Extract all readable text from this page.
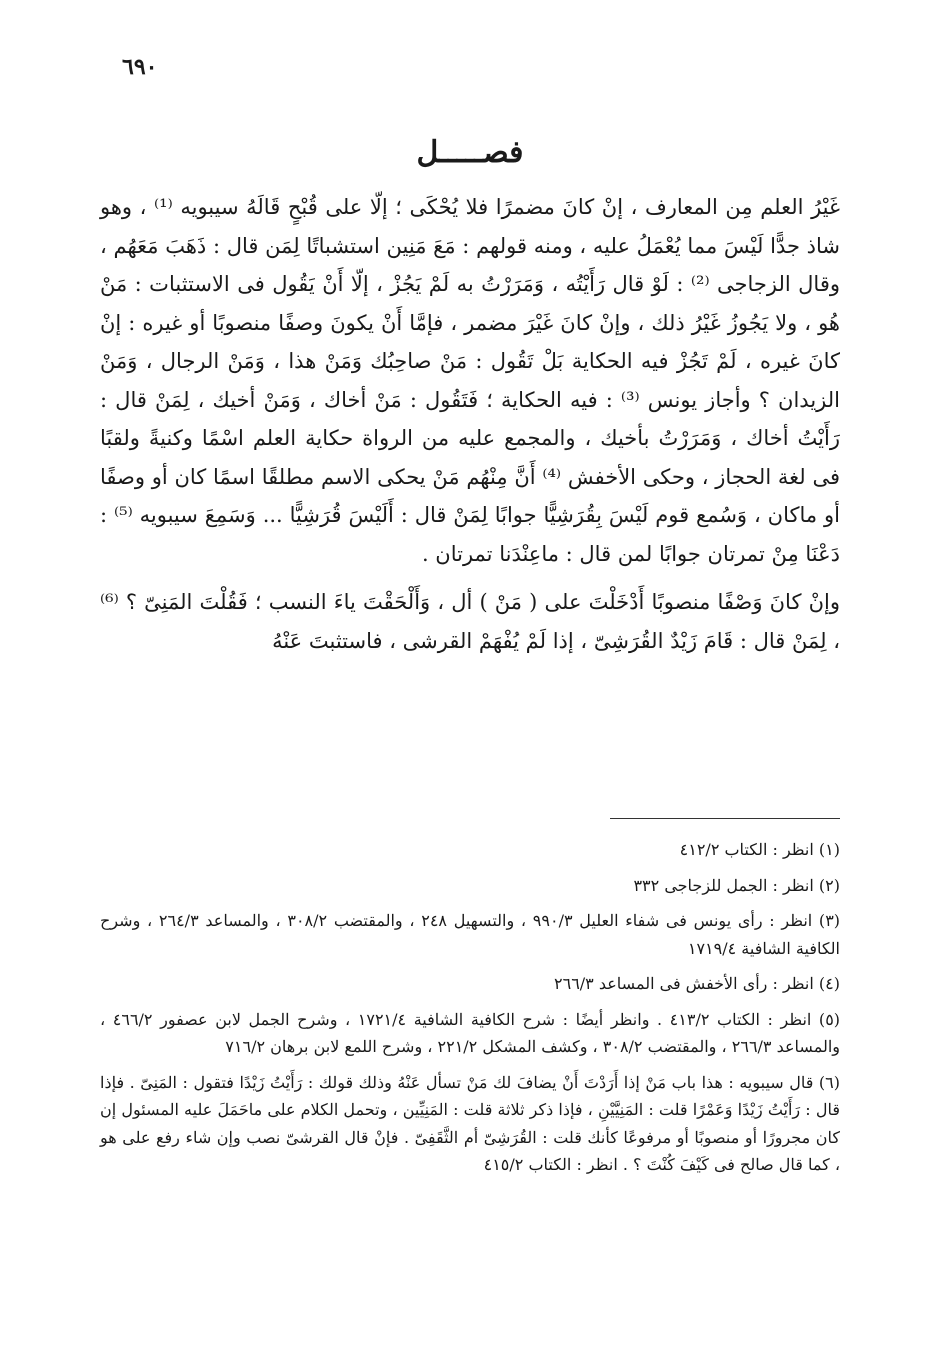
٦٩٠
فصـــــل

غَيْرُ العلم مِن المعارف ، إنْ كانَ مضمرًا فلا يُحْكَى ؛ إلّا على قُبْحٍ قَالَهُ سيبويه ⁽¹⁾ ، وهو شاذ جدًّا لَيْسَ مما يُعْمَلُ عليه ، ومنه قولهم : مَعَ مَنِين استشباتًا لِمَن قال : ذَهَبَ مَعَهُم ، وقال الزجاجى ⁽²⁾ : لَوْ قال رَأَيْتُه ، وَمَرَرْتُ به لَمْ يَجُزْ ، إلّا أَنْ يَقُول فى الاستثبات : مَنْ هُو ، ولا يَجُوزُ غَيْرُ ذلك ، وإنْ كانَ غَيْرَ مضمر ، فإمَّا أَنْ يكونَ وصفًا منصوبًا أو غيره : إنْ كانَ غيره ، لَمْ تَجُزْ فيه الحكاية بَلْ تَقُول : مَنْ صاحِبُك وَمَنْ هذا ، وَمَنْ الرجال ، وَمَنْ الزيدان ؟ وأجاز يونس ⁽³⁾ : فيه الحكاية ؛ فَتَقُول : مَنْ أخاك ، وَمَنْ أخيك ، لِمَنْ قال : رَأَيْتُ أخاك ، وَمَرَرْتُ بأخيك ، والمجمع عليه من الرواة حكاية العلم اسْمًا وكنيةً ولقبًا فى لغة الحجاز ، وحكى الأخفش ⁽⁴⁾ أَنَّ مِنْهُم مَنْ يحكى الاسم مطلقًا اسمًا كان أو وصفًا أو ماكان ، وَسُمع قوم لَيْسَ بِقُرَشِيًّا جوابًا لِمَنْ قال : أَلَيْسَ قُرَشِيًّا ... وَسَمِعَ سيبويه ⁽⁵⁾ : دَعْنَا مِنْ تمرتان جوابًا لمن قال : ماعِنْدَنا تمرتان .

وإنْ كانَ وَصْفًا منصوبًا أَدْخَلْتَ على ( مَنْ ) أل ، وَأَلْحَقْتَ ياءَ النسب ؛ فَقُلْتَ المَنِىّ ؟ ⁽⁶⁾ ، لِمَنْ قال : قَامَ زَيْدٌ القُرَشِىّ ، إذا لَمْ يُفْهَمْ القرشى ، فاستثبتَ عَنْهُ

(١) انظر : الكتاب ٤١٢/٢
(٢) انظر : الجمل للزجاجى ٣٣٢
(٣) انظر : رأى يونس فى شفاء العليل ٩٩٠/٣ ، والتسهيل ٢٤٨ ، والمقتضب ٣٠٨/٢ ، والمساعد ٢٦٤/٣ ، وشرح الكافية الشافية ١٧١٩/٤
(٤) انظر : رأى الأخفش فى المساعد ٢٦٦/٣
(٥) انظر : الكتاب ٤١٣/٢ . وانظر أيضًا : شرح الكافية الشافية ١٧٢١/٤ ، وشرح الجمل لابن عصفور ٤٦٦/٢ ، والمساعد ٢٦٦/٣ ، والمقتضب ٣٠٨/٢ ، وكشف المشكل ٢٢١/٢ ، وشرح اللمع لابن برهان ٧١٦/٢
(٦) قال سيبويه : هذا باب مَنْ إذا أَرَدْتَ أَنْ يضافَ لك مَنْ تسأل عَنْهُ وذلك قولك : رَأَيْتُ زَيْدًا فتقول : المَنِىّ . فإذا قال : رَأَيْتُ زَيْدًا وَعَمْرًا قلت : المَنِيَّيْنِ ، فإذا ذكر ثلاثة قلت : المَنِيِّين ، وتحمل الكلام على ماحَمَلَ عليه المسئول إن كان مجرورًا أو منصوبًا أو مرفوعًا كأنك قلت : القُرَشِىّ أم الثَّقَفِىّ . فإنْ قال القرشىّ نصب وإن شاء رفع على هو ، كما قال صالح فى كَيْفَ كُنْتَ ؟ . انظر : الكتاب ٤١٥/٢
